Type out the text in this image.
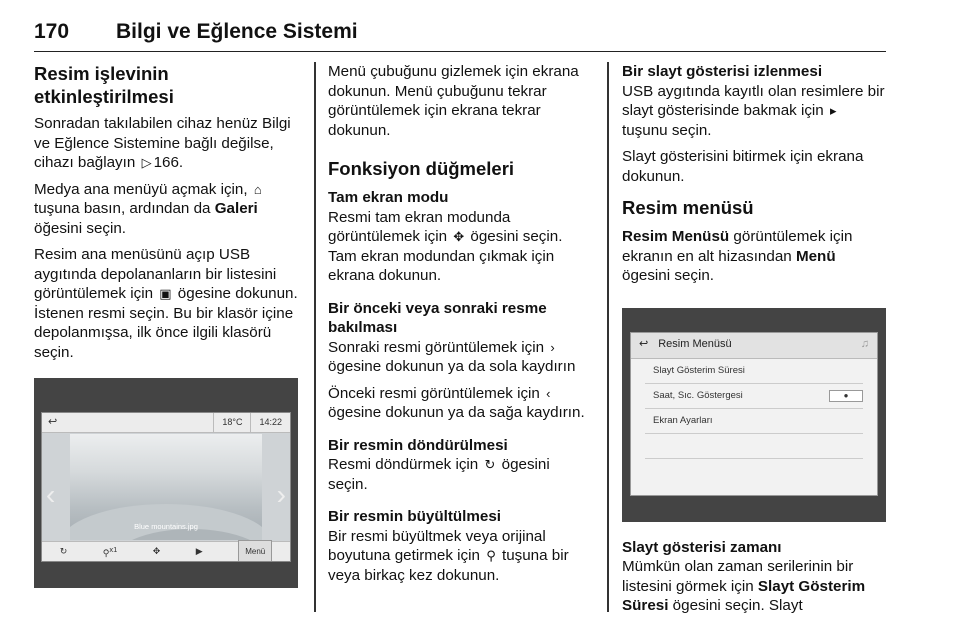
170 Bilgi ve Eğlence Sistemi
Resim işlevinin etkinleştirilmesi

Sonradan takılabilen cihaz henüz Bilgi ve Eğlence Sistemine bağlı değilse, cihazı bağlayın ▷ 166.

Medya ana menüyü açmak için, ⌂ tuşuna basın, ardından da Galeri öğesini seçin.

Resim ana menüsünü açıp USB aygıtında depolananların bir listesini görüntülemek için ▣ ögesine dokunun. İstenen resmi seçin. Bu bir klasör içine depolanmışsa, ilk önce ilgili klasörü seçin.

↩	18°C	14:22
Blue mountains.jpg
‹	›
↻	⚲$^{x1}$	✥	▶	Menü

Menü çubuğunu gizlemek için ekrana dokunun. Menü çubuğunu tekrar görüntülemek için ekrana tekrar dokunun.

Fonksiyon düğmeleri
Tam ekran modu

Resmi tam ekran modunda görüntülemek için ✥ ögesini seçin. Tam ekran modundan çıkmak için ekrana dokunun.

Bir önceki veya sonraki resme bakılması

Sonraki resmi görüntülemek için › ögesine dokunun ya da sola kaydırın

Önceki resmi görüntülemek için ‹ ögesine dokunun ya da sağa kaydırın.

Bir resmin döndürülmesi

Resmi döndürmek için ↻ ögesini seçin.

Bir resmin büyültülmesi

Bir resmi büyültmek veya orijinal boyutuna getirmek için ⚲ tuşuna bir veya birkaç kez dokunun.

Bir slayt gösterisi izlenmesi

USB aygıtında kayıtlı olan resimlere bir slayt gösterisinde bakmak için ▸ tuşunu seçin.

Slayt gösterisini bitirmek için ekrana dokunun.

Resim menüsü

Resim Menüsü görüntülemek için ekranın en alt hizasından Menü ögesini seçin.

↩ Resim Menüsü	♫
Slayt Gösterim Süresi
Saat, Sıc. Göstergesi	●
Ekran Ayarları
Slayt gösterisi zamanı

Mümkün olan zaman serilerinin bir listesini görmek için Slayt Gösterim Süresi ögesini seçin. Slayt
